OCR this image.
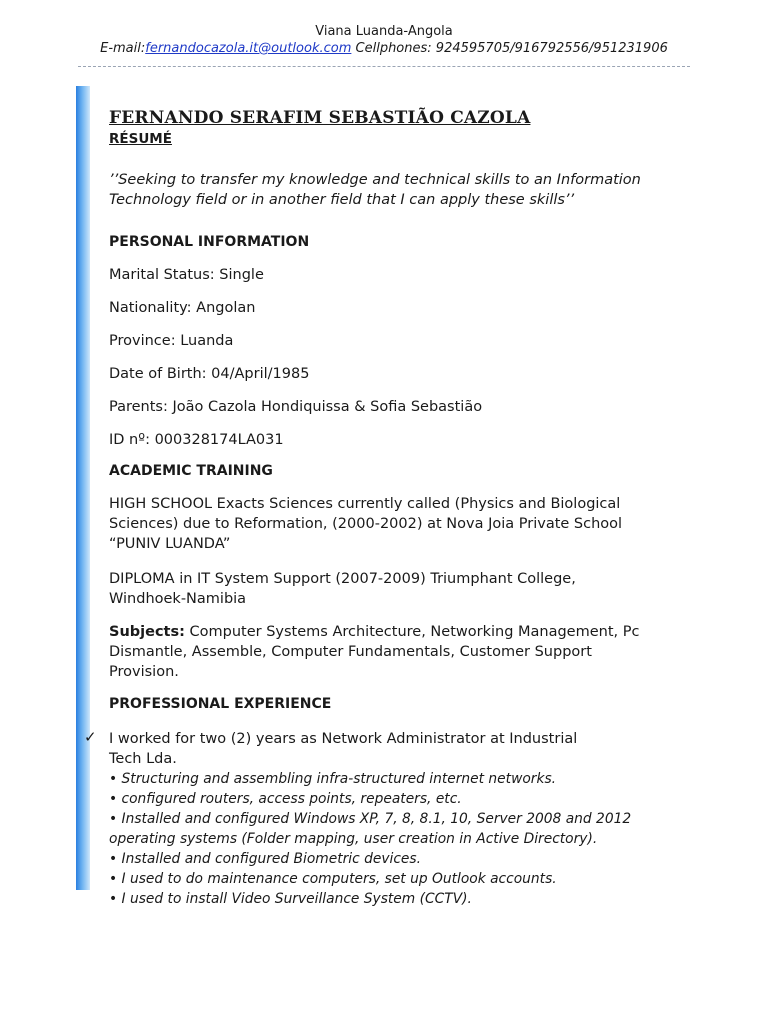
Viana Luanda-Angola
E-mail:fernandocazola.it@outlook.com Cellphones: 924595705/916792556/951231906
FERNANDO SERAFIM SEBASTIÃO CAZOLA
RÉSUMÉ
’’Seeking to transfer my knowledge and technical skills to an Information
Technology field or in another field that I can apply these skills’’
PERSONAL INFORMATION
Marital Status: Single
Nationality: Angolan
Province: Luanda
Date of Birth: 04/April/1985
Parents: João Cazola Hondiquissa & Sofia Sebastião
ID nº: 000328174LA031
ACADEMIC TRAINING
HIGH SCHOOL Exacts Sciences currently called (Physics and Biological
Sciences) due to Reformation, (2000-2002) at Nova Joia Private School
“PUNIV LUANDA”
DIPLOMA in IT System Support (2007-2009) Triumphant College,
Windhoek-Namibia
Subjects: Computer Systems Architecture, Networking Management, Pc
Dismantle, Assemble, Computer Fundamentals, Customer Support
Provision.
PROFESSIONAL EXPERIENCE
✓ I worked for two (2) years as Network Administrator at Industrial
Tech Lda.
• Structuring and assembling infra-structured internet networks.
• configured routers, access points, repeaters, etc.
• Installed and configured Windows XP, 7, 8, 8.1, 10, Server 2008 and 2012
operating systems (Folder mapping, user creation in Active Directory).
• Installed and configured Biometric devices.
• I used to do maintenance computers, set up Outlook accounts.
• I used to install Video Surveillance System (CCTV).
